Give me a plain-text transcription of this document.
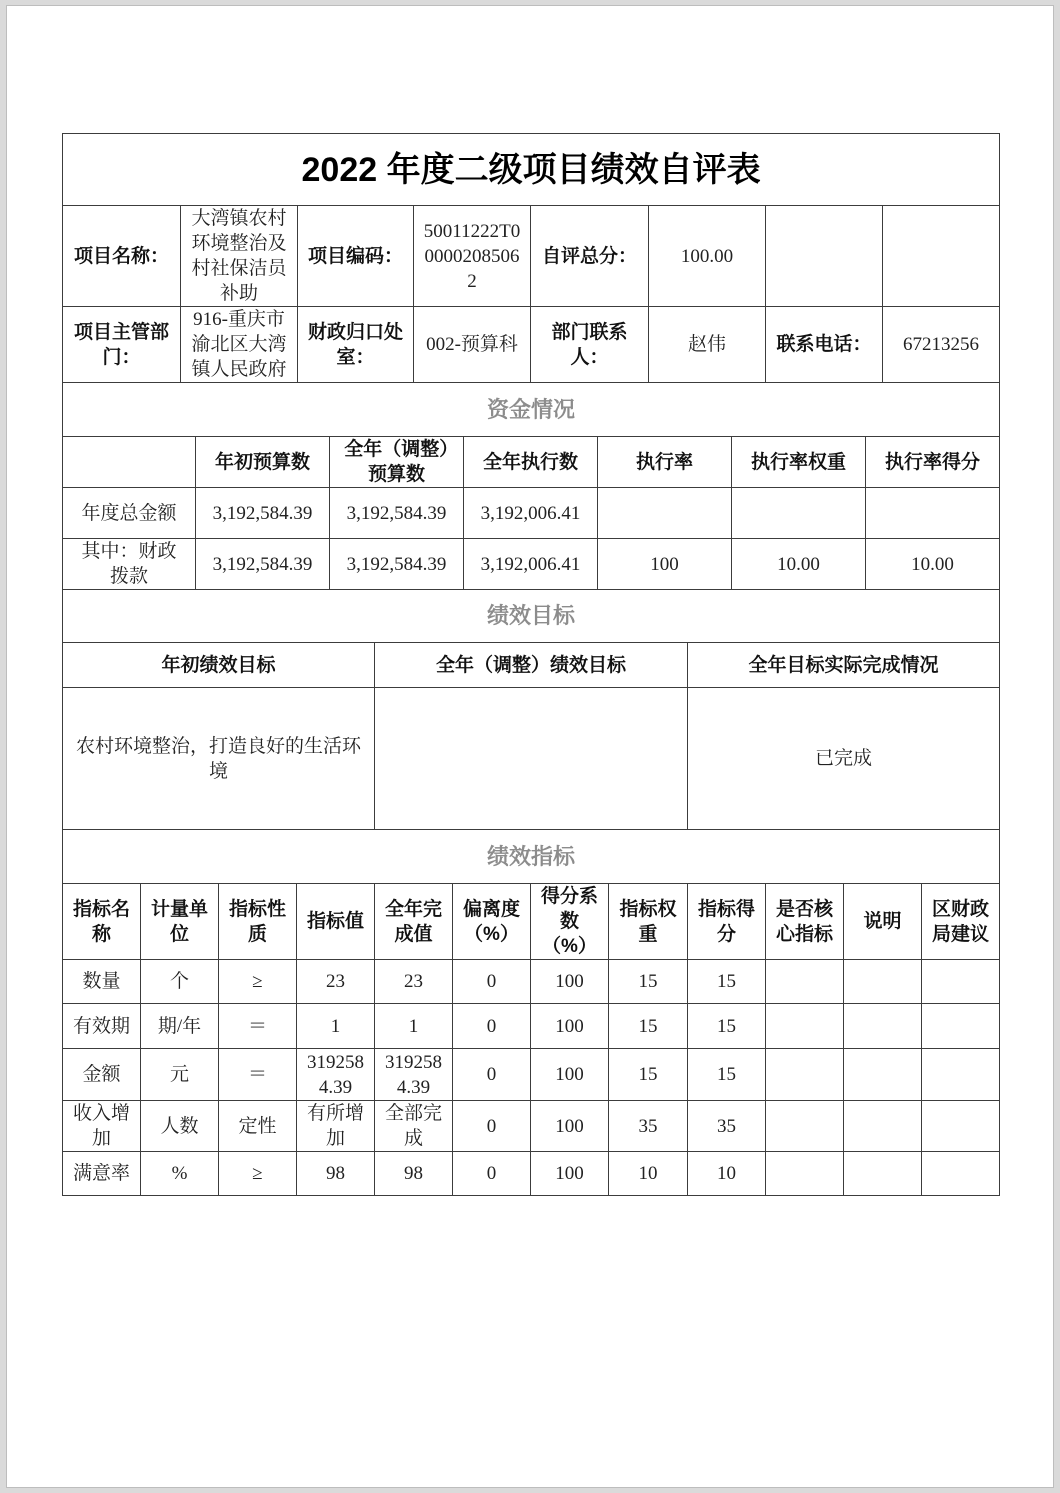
2022 年度二级项目绩效自评表							
项目名称：	大湾镇农村环境整治及村社保洁员补助	项目编码：	50011222T000002085062	自评总分：	100.00		
项目主管部门：	916-重庆市渝北区大湾镇人民政府	财政归口处室：	002-预算科	部门联系人：	赵伟	联系电话：	67213256
资金情况						
	年初预算数	全年（调整）预算数	全年执行数	执行率	执行率权重	执行率得分
年度总金额	3,192,584.39	3,192,584.39	3,192,006.41			
其中：财政拨款	3,192,584.39	3,192,584.39	3,192,006.41	100	10.00	10.00
绩效目标		
年初绩效目标	全年（调整）绩效目标	全年目标实际完成情况
农村环境整治，打造良好的生活环境		已完成
绩效指标											
指标名称	计量单位	指标性质	指标值	全年完成值	偏离度（%）	得分系数（%）	指标权重	指标得分	是否核心指标	说明	区财政局建议
数量	个	≥	23	23	0	100	15	15			
有效期	期/年	＝	1	1	0	100	15	15			
金额	元	＝	3192584.39	3192584.39	0	100	15	15			
收入增加	人数	定性	有所增加	全部完成	0	100	35	35			
满意率	%	≥	98	98	0	100	10	10			
